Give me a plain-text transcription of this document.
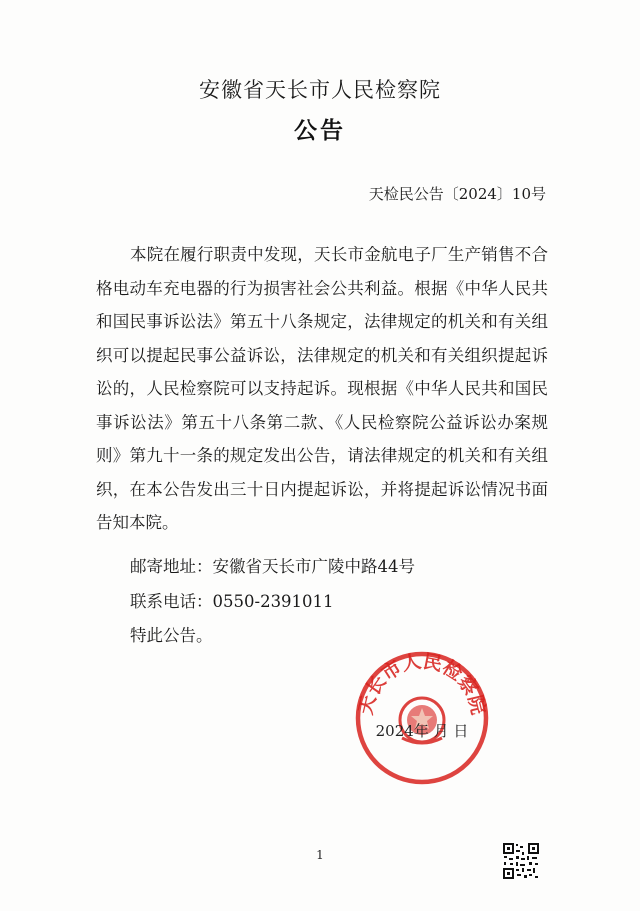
安徽省天长市人民检察院
公告
天检民公告〔2024〕10号

本院在履行职责中发现，天长市金航电子厂生产销售不合格电动车充电器的行为损害社会公共利益。根据《中华人民共和国民事诉讼法》第五十八条规定，法律规定的机关和有关组织可以提起民事公益诉讼，法律规定的机关和有关组织提起诉讼的，人民检察院可以支持起诉。现根据《中华人民共和国民事诉讼法》第五十八条第二款、《人民检察院公益诉讼办案规则》第九十一条的规定发出公告，请法律规定的机关和有关组织，在本公告发出三十日内提起诉讼，并将提起诉讼情况书面告知本院。

邮寄地址：安徽省天长市广陵中路44号
联系电话：0550-2391011
特此公告。
2024年 月 日
天长市人民检察院
1
